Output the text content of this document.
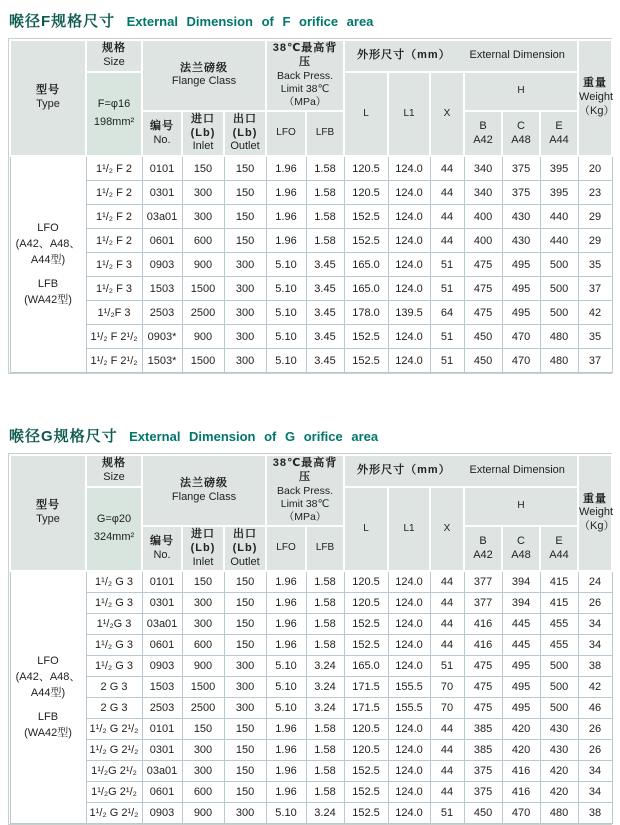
喉径F规格尺寸 External Dimension of F orifice area
型号
Type

规格
Size	法兰磅级
Flange Class

38℃最高背压
Back Press.
Limit 38℃
（MPa）
	外形尺寸（mm） External Dimension	
重量
Weight
（Kg）

	F=φ16
198mm²						L	L1	X	H			

编号
No.

进口(Lb)
Inlet

出口(Lb)
Outlet
	LFO	LFB	
B
A42

C
A48

E
A44

LFO
(A42、A48、A44型)
LFB
(WA42型)	1¹/₂ F 2	0101	150	150	1.96	1.58	120.5	124.0	44	340	375	395	20
	1¹/₂ F 2	0301	300	150	1.96	1.58	120.5	124.0	44	340	375	395	23
	1¹/₂ F 2	03a01	300	150	1.96	1.58	152.5	124.0	44	400	430	440	29
	1¹/₂ F 2	0601	600	150	1.96	1.58	152.5	124.0	44	400	430	440	29
	1¹/₂ F 3	0903	900	300	5.10	3.45	165.0	124.0	51	475	495	500	35
	1¹/₂ F 3	1503	1500	300	5.10	3.45	165.0	124.0	51	475	495	500	37
	1¹/₂F 3	2503	2500	300	5.10	3.45	178.0	139.5	64	475	495	500	42
	1¹/₂ F 2¹/₂	0903*	900	300	5.10	3.45	152.5	124.0	51	450	470	480	35
	1¹/₂ F 2¹/₂	1503*	1500	300	5.10	3.45	152.5	124.0	51	450	470	480	37
喉径G规格尺寸 External Dimension of G orifice area
型号
Type

规格
Size	法兰磅级
Flange Class

38℃最高背压
Back Press.
Limit 38℃
（MPa）
	外形尺寸（mm） External Dimension	
重量
Weight
（Kg）

	G=φ20
324mm²						L	L1	X	H			

编号
No.

进口(Lb)
Inlet

出口(Lb)
Outlet
	LFO	LFB	
B
A42

C
A48

E
A44

LFO
(A42、A48、A44型)
LFB
(WA42型)	1¹/₂ G 3	0101	150	150	1.96	1.58	120.5	124.0	44	377	394	415	24
	1¹/₂ G 3	0301	300	150	1.96	1.58	120.5	124.0	44	377	394	415	26
	1¹/₂G 3	03a01	300	150	1.96	1.58	152.5	124.0	44	416	445	455	34
	1¹/₂ G 3	0601	600	150	1.96	1.58	152.5	124.0	44	416	445	455	34
	1¹/₂ G 3	0903	900	300	5.10	3.24	165.0	124.0	51	475	495	500	38
	2 G 3	1503	1500	300	5.10	3.24	171.5	155.5	70	475	495	500	42
	2 G 3	2503	2500	300	5.10	3.24	171.5	155.5	70	475	495	500	46
	1¹/₂ G 2¹/₂	0101	150	150	1.96	1.58	120.5	124.0	44	385	420	430	26
	1¹/₂ G 2¹/₂	0301	300	150	1.96	1.58	120.5	124.0	44	385	420	430	26
	1¹/₂G 2¹/₂	03a01	300	150	1.96	1.58	152.5	124.0	44	375	416	420	34
	1¹/₂G 2¹/₂	0601	600	150	1.96	1.58	152.5	124.0	44	375	416	420	34
	1¹/₂ G 2¹/₂	0903	900	300	5.10	3.24	152.5	124.0	51	450	470	480	38
